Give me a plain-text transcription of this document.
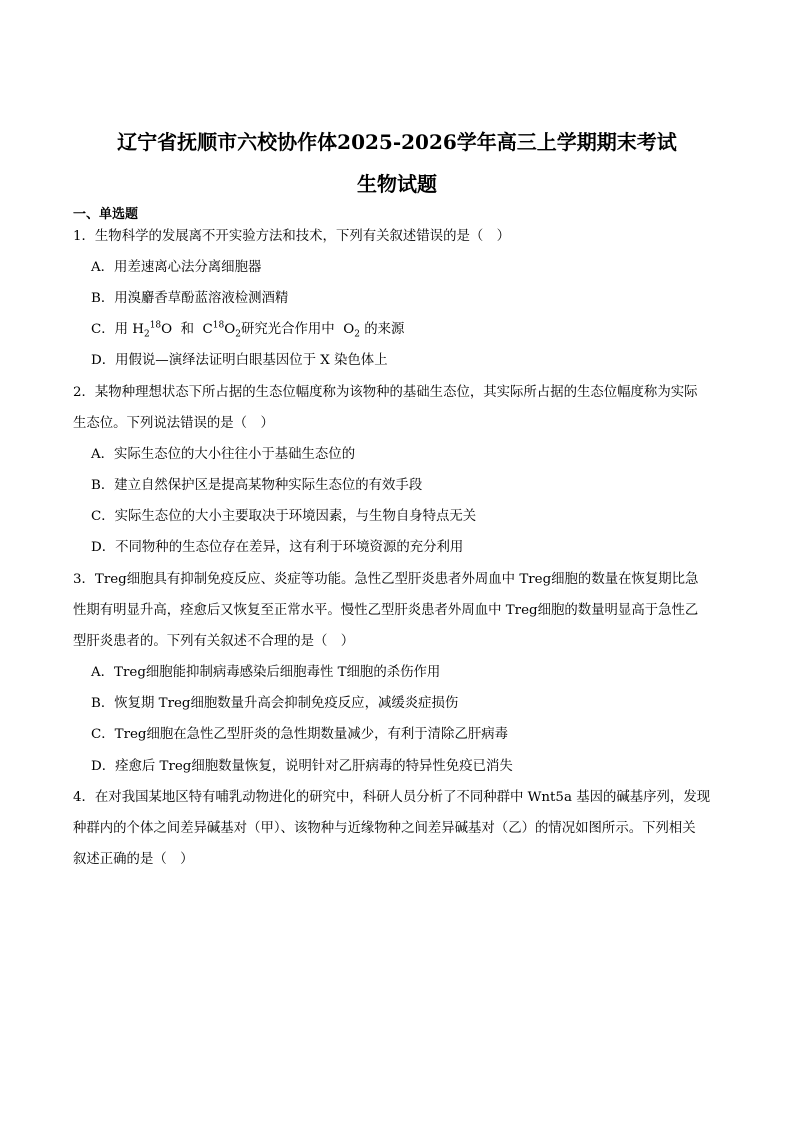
辽宁省抚顺市六校协作体2025-2026学年高三上学期期末考试
生物试题
一、单选题
1．生物科学的发展离不开实验方法和技术，下列有关叙述错误的是（　）
A．用差速离心法分离细胞器
B．用溴麝香草酚蓝溶液检测酒精
C．用 $H_2^{18}O$  和  $C^{18}O_2$研究光合作用中  $O_2$ 的来源
D．用假说—演绎法证明白眼基因位于 X 染色体上
2．某物种理想状态下所占据的生态位幅度称为该物种的基础生态位，其实际所占据的生态位幅度称为实际
生态位。下列说法错误的是（　）
A．实际生态位的大小往往小于基础生态位的
B．建立自然保护区是提高某物种实际生态位的有效手段
C．实际生态位的大小主要取决于环境因素，与生物自身特点无关
D．不同物种的生态位存在差异，这有利于环境资源的充分利用
3．Treg细胞具有抑制免疫反应、炎症等功能。急性乙型肝炎患者外周血中 Treg细胞的数量在恢复期比急
性期有明显升高，痊愈后又恢复至正常水平。慢性乙型肝炎患者外周血中 Treg细胞的数量明显高于急性乙
型肝炎患者的。下列有关叙述不合理的是（　）
A．Treg细胞能抑制病毒感染后细胞毒性 T细胞的杀伤作用
B．恢复期 Treg细胞数量升高会抑制免疫反应，减缓炎症损伤
C．Treg细胞在急性乙型肝炎的急性期数量减少，有利于清除乙肝病毒
D．痊愈后 Treg细胞数量恢复，说明针对乙肝病毒的特异性免疫已消失
4．在对我国某地区特有哺乳动物进化的研究中，科研人员分析了不同种群中 Wnt5a 基因的碱基序列，发现
种群内的个体之间差异碱基对（甲）、该物种与近缘物种之间差异碱基对（乙）的情况如图所示。下列相关
叙述正确的是（　）
